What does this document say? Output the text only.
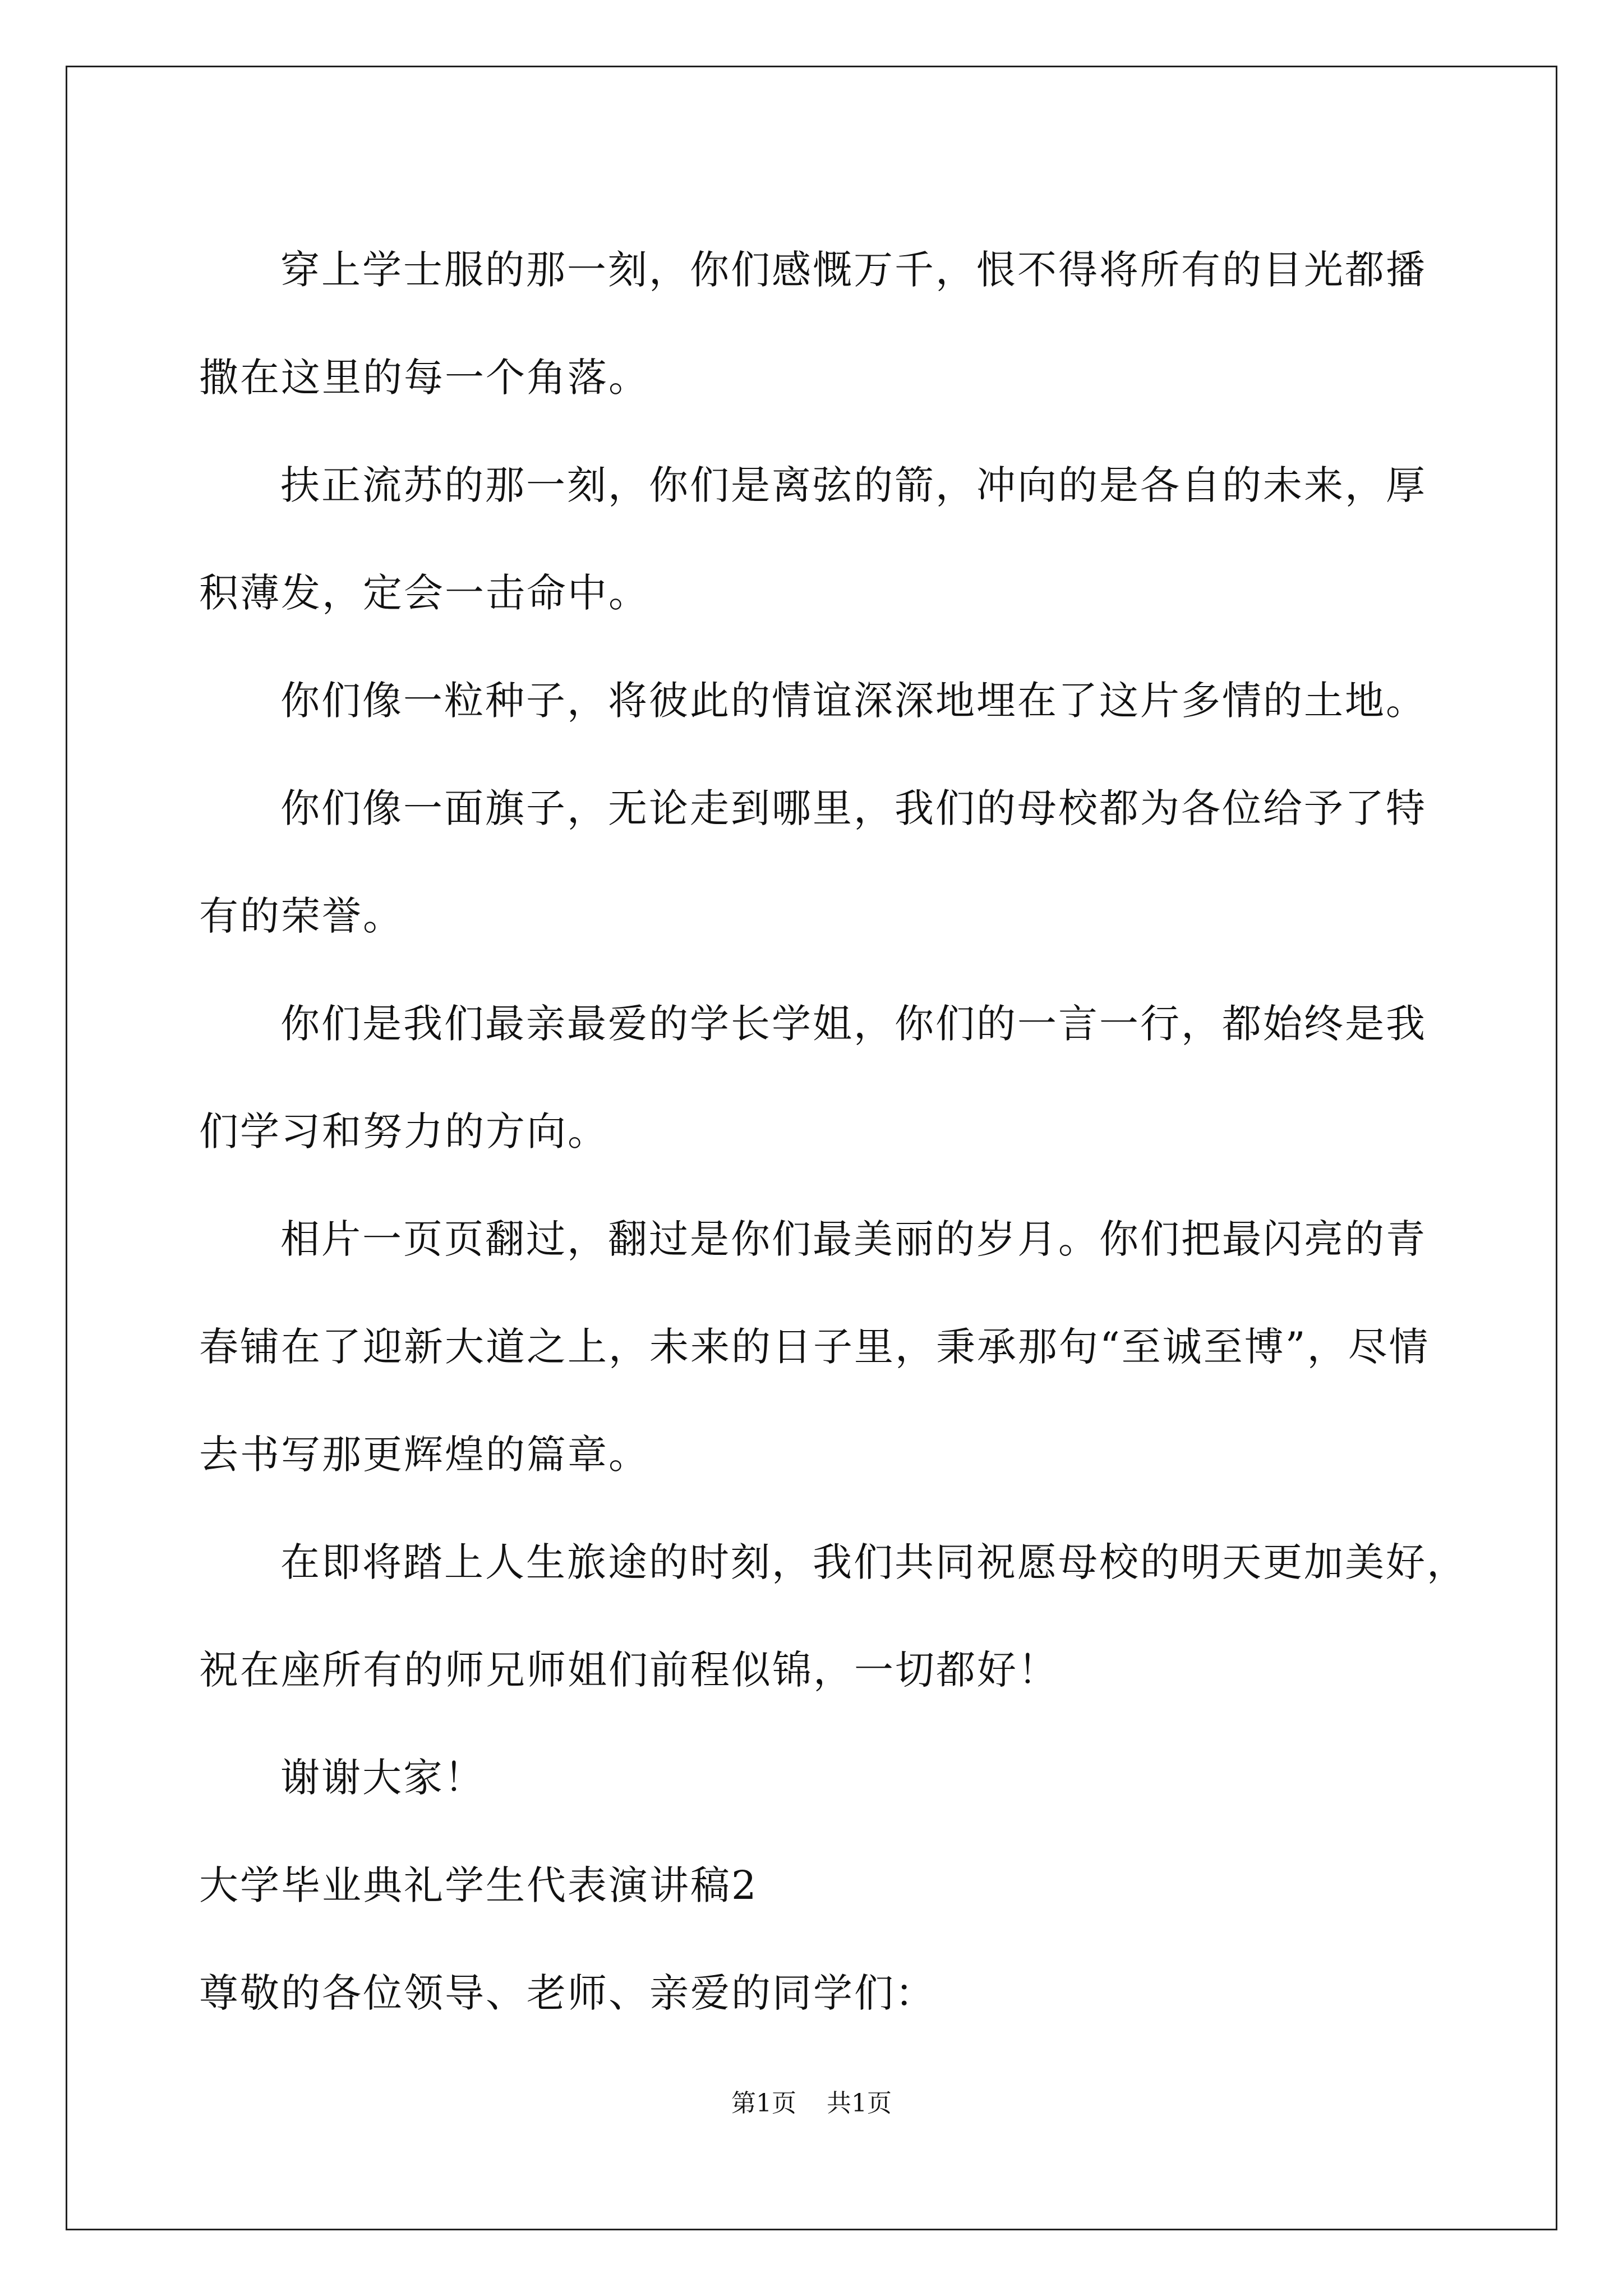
穿上学士服的那一刻，你们感慨万千，恨不得将所有的目光都播

撒在这里的每一个角落。

扶正流苏的那一刻，你们是离弦的箭，冲向的是各自的未来，厚

积薄发，定会一击命中。

你们像一粒种子，将彼此的情谊深深地埋在了这片多情的土地。

你们像一面旗子，无论走到哪里，我们的母校都为各位给予了特

有的荣誉。

你们是我们最亲最爱的学长学姐，你们的一言一行，都始终是我

们学习和努力的方向。

相片一页页翻过，翻过是你们最美丽的岁月。你们把最闪亮的青

春铺在了迎新大道之上，未来的日子里，秉承那句“至诚至博”，尽情

去书写那更辉煌的篇章。

在即将踏上人生旅途的时刻，我们共同祝愿母校的明天更加美好，

祝在座所有的师兄师姐们前程似锦，一切都好！

谢谢大家！

大学毕业典礼学生代表演讲稿2

尊敬的各位领导、老师、亲爱的同学们：

第1页 共1页
